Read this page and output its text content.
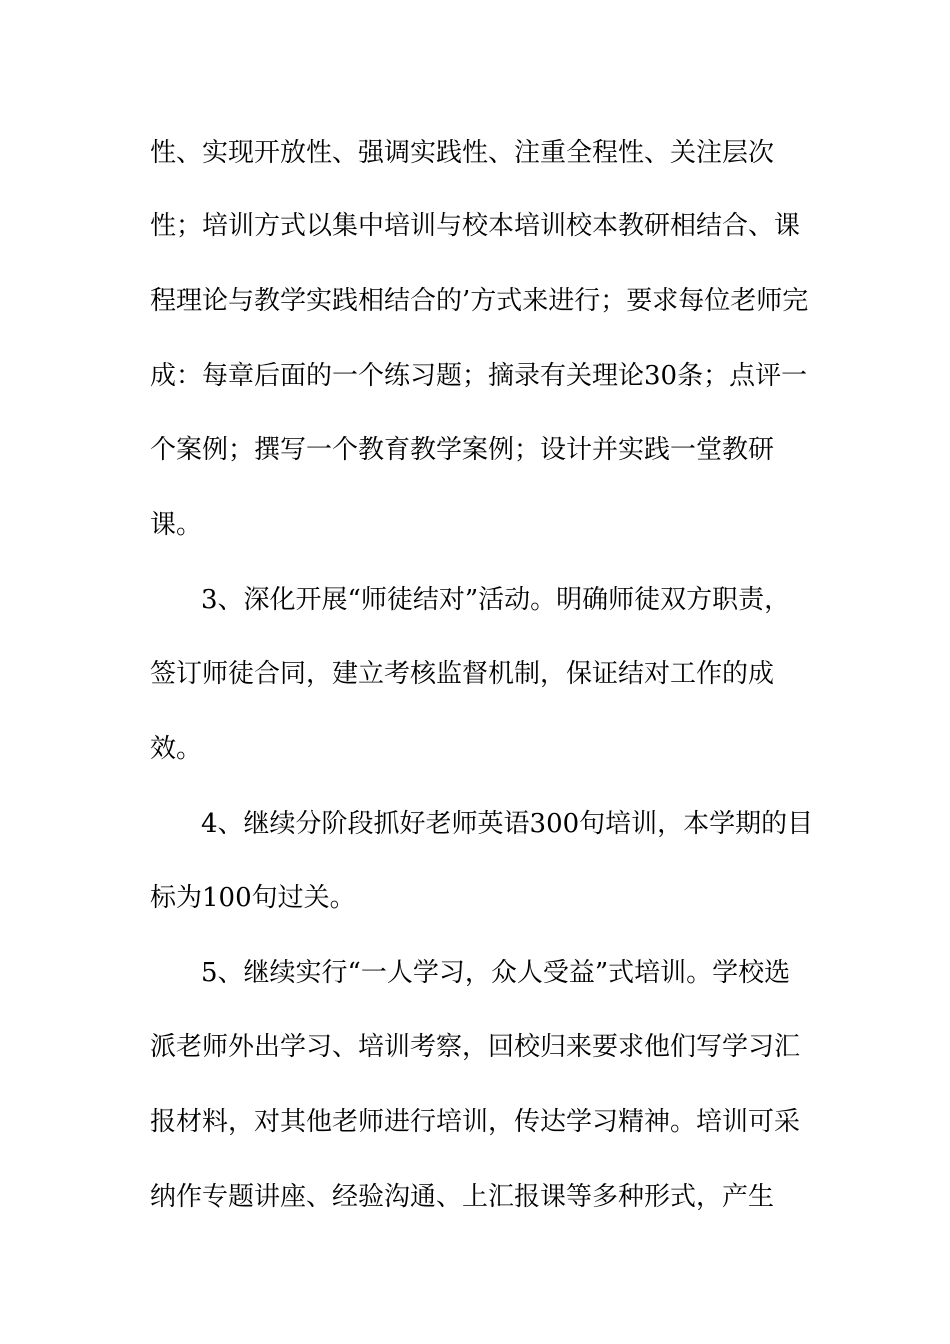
性、实现开放性、强调实践性、注重全程性、关注层次
性；培训方式以集中培训与校本培训校本教研相结合、课
程理论与教学实践相结合的’方式来进行；要求每位老师完
成：每章后面的一个练习题；摘录有关理论30条；点评一
个案例；撰写一个教育教学案例；设计并实践一堂教研
课。
3、深化开展“师徒结对”活动。明确师徒双方职责，
签订师徒合同，建立考核监督机制，保证结对工作的成
效。
4、继续分阶段抓好老师英语300句培训，本学期的目
标为100句过关。
5、继续实行“一人学习，众人受益”式培训。学校选
派老师外出学习、培训考察，回校归来要求他们写学习汇
报材料，对其他老师进行培训，传达学习精神。培训可采
纳作专题讲座、经验沟通、上汇报课等多种形式，产生
